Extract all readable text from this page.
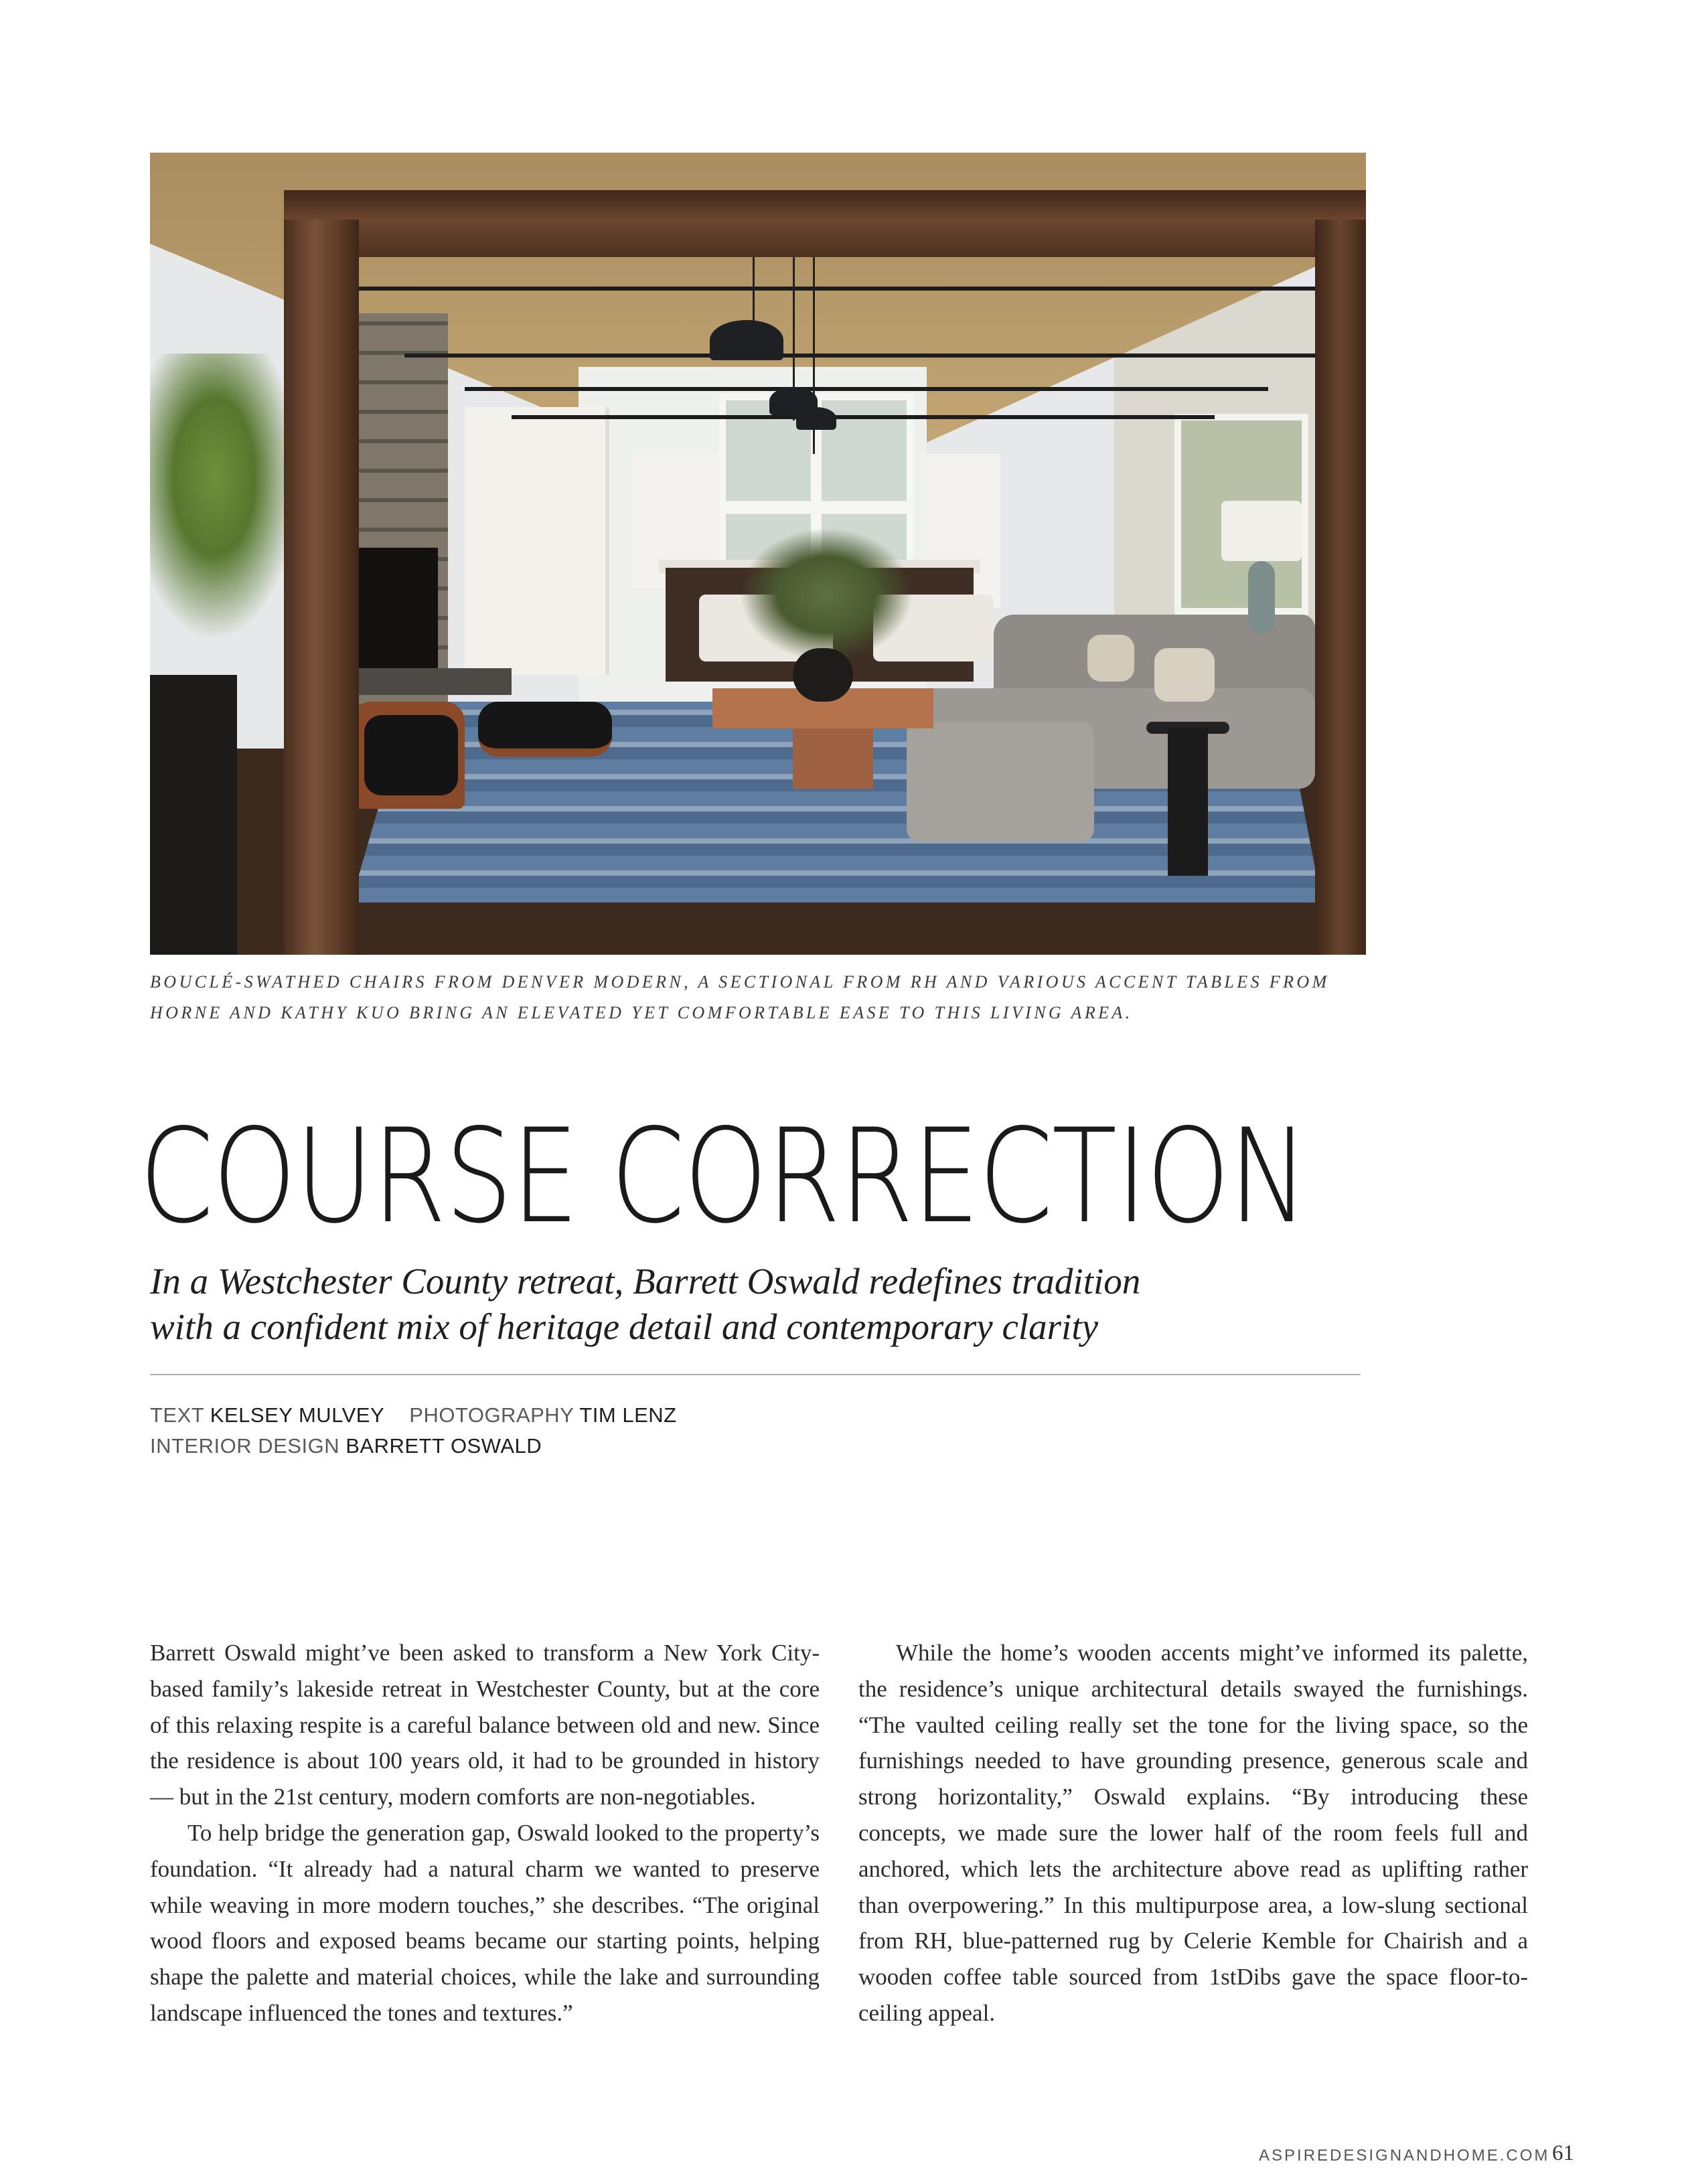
BOUCLÉ-SWATHED CHAIRS FROM DENVER MODERN, A SECTIONAL FROM RH AND VARIOUS ACCENT TABLES FROM
HORNE AND KATHY KUO BRING AN ELEVATED YET COMFORTABLE EASE TO THIS LIVING AREA.
COURSE CORRECTION
In a Westchester County retreat, Barrett Oswald redefines tradition
with a confident mix of heritage detail and contemporary clarity
TEXT KELSEY MULVEY PHOTOGRAPHY TIM LENZ
INTERIOR DESIGN BARRETT OSWALD

Barrett Oswald might’ve been asked to transform a New York City-based family’s lakeside retreat in Westchester County, but at the core of this relaxing respite is a careful balance between old and new. Since the residence is about 100 years old, it had to be grounded in history — but in the 21st century, modern comforts are non-negotiables.

To help bridge the generation gap, Oswald looked to the property’s foundation. “It already had a natural charm we wanted to preserve while weaving in more modern touches,” she describes. “The original wood floors and exposed beams became our starting points, helping shape the palette and material choices, while the lake and surrounding landscape influenced the tones and textures.”

While the home’s wooden accents might’ve informed its palette, the residence’s unique architectural details swayed the furnishings. “The vaulted ceiling really set the tone for the living space, so the furnishings needed to have grounding presence, generous scale and strong horizontality,” Oswald explains. “By introducing these concepts, we made sure the lower half of the room feels full and anchored, which lets the architecture above read as uplifting rather than overpowering.” In this multipurpose area, a low-slung sectional from RH, blue-patterned rug by Celerie Kemble for Chairish and a wooden coffee table sourced from 1stDibs gave the space floor-to-ceiling appeal.

ASPIREDESIGNANDHOME.COM 61
